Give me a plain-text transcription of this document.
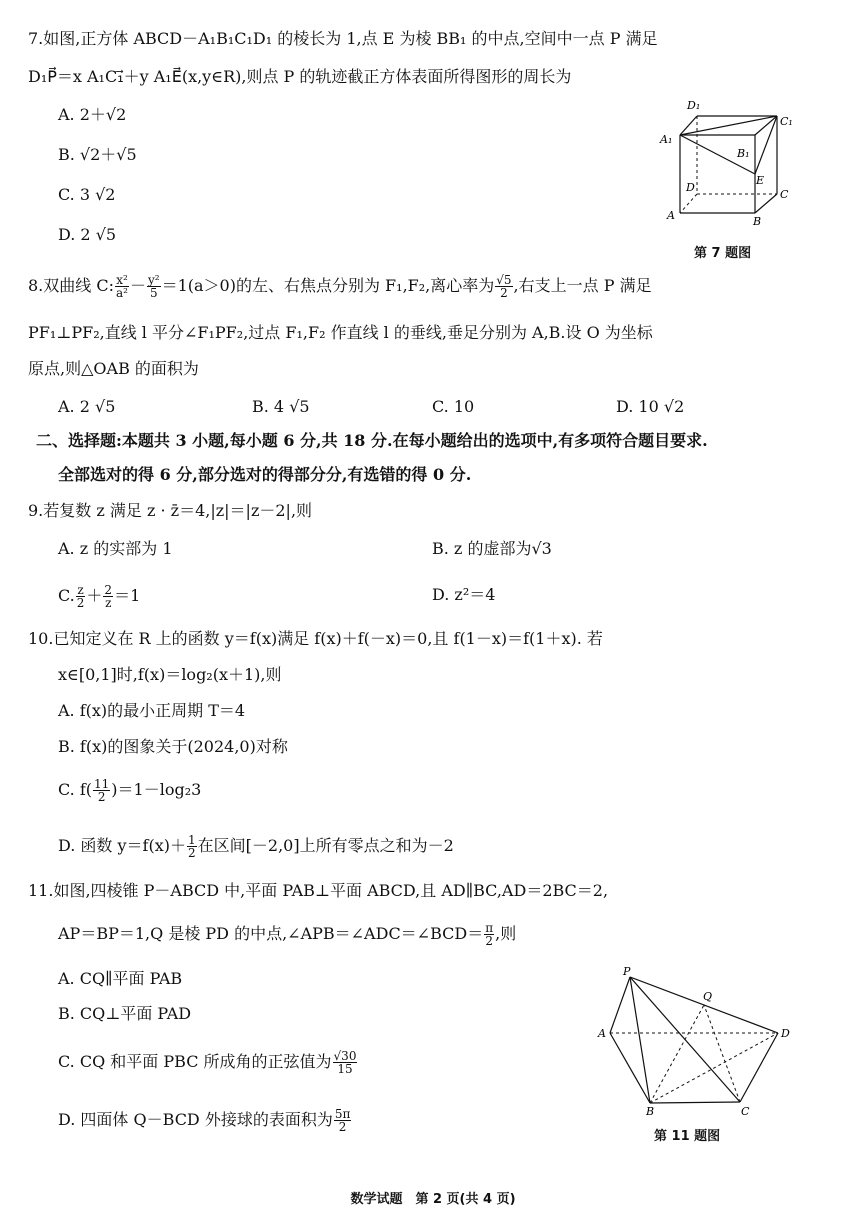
7.如图,正方体 ABCD－A₁B₁C₁D₁ 的棱长为 1,点 E 为棱 BB₁ 的中点,空间中一点 P 满足
D₁P⃗＝x A₁C₁⃗＋y A₁E⃗(x,y∈R),则点 P 的轨迹截正方体表面所得图形的周长为
A. 2＋√2
B. √2＋√5
C. 3 √2
D. 2 √5
D₁
C₁
A₁
B₁
E
D
C
A	B
第 7 题图
8.双曲线 C: $\frac{\text{x²}}{\text{a²}} - \frac{\text{y²}}{5} =1(a>0)$的左、右焦点分别为 F₁,F₂,离心率为 $\frac{√5}{2}$ ,右支上一点 P 满足
PF₁⊥PF₂,直线 l 平分∠F₁PF₂,过点 F₁,F₂ 作直线 l 的垂线,垂足分别为 A,B.设 O 为坐标
原点,则△OAB 的面积为
A. 2 √5	B. 4 √5	C. 10	D. 10 √2
二、选择题:本题共 3 小题,每小题 6 分,共 18 分.在每小题给出的选项中,有多项符合题目要求.
全部选对的得 6 分,部分选对的得部分分,有选错的得 0 分.
9.若复数 z 满足 z · z̄＝4,|z|＝|z－2|,则
A. z 的实部为 1	B. z 的虚部为√3
C. $\frac{z}{2} + \frac{2}{z} =1$	D. z²＝4
10.已知定义在 R 上的函数 y＝f(x)满足 f(x)＋f(－x)＝0,且 f(1－x)＝f(1＋x). 若
x∈[0,1]时,f(x)＝log₂(x＋1),则
A. f(x)的最小正周期 T＝4
B. f(x)的图象关于(2024,0)对称
C. $f( \frac{11}{2} )=1-\log_23$
D. 函数 $y=f(x)+ \frac{1}{2}$ 在区间[－2,0]上所有零点之和为－2
11.如图,四棱锥 P－ABCD 中,平面 PAB⊥平面 ABCD,且 AD∥BC,AD＝2BC＝2,
AP＝BP＝1,Q 是棱 PD 的中点,∠APB＝∠ADC＝∠BCD＝ $\frac{\pi}{2}$ ,则
A. CQ∥平面 PAB
B. CQ⊥平面 PAD
C. CQ 和平面 PBC 所成角的正弦值为 $\frac{√30}{15}$
D. 四面体 Q－BCD 外接球的表面积为 $\frac{5\pi}{2}$
P
Q
A	D
B	C
第 11 题图
数学试题　第 2 页(共 4 页)
